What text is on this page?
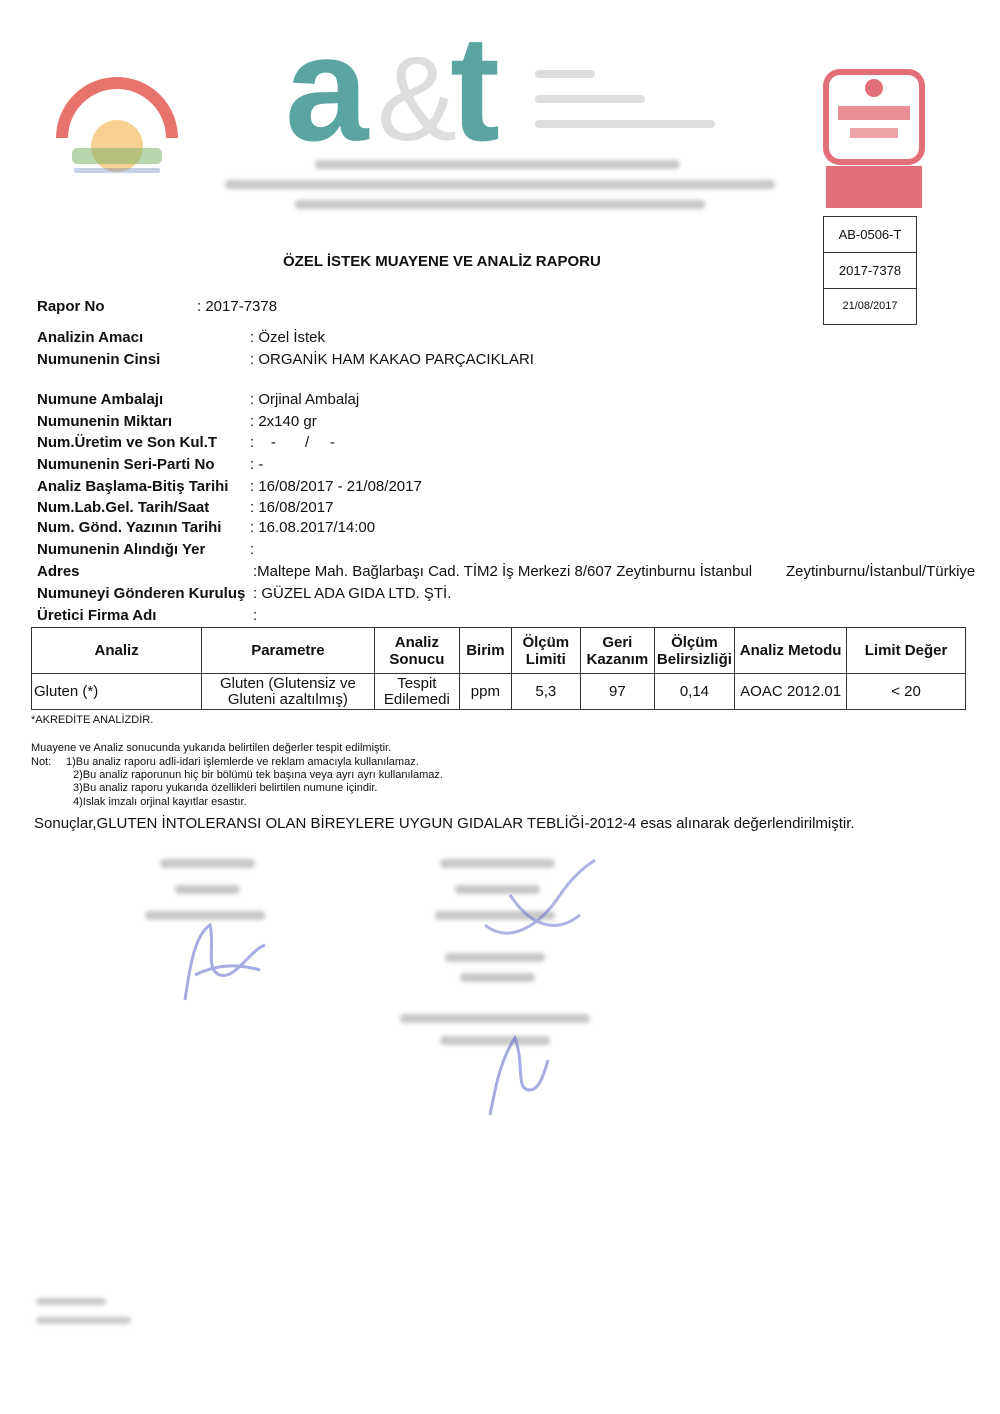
a &
t
AB-0506-T
2017-7378
21/08/2017
ÖZEL İSTEK MUAYENE VE ANALİZ RAPORU
Rapor No	: 2017-7378
Analizin Amacı	: Özel İstek
Numunenin Cinsi	: ORGANİK HAM KAKAO PARÇACIKLARI
Numune Ambalajı	: Orjinal Ambalaj
Numunenin Miktarı	: 2x140 gr
Num.Üretim ve Son Kul.T :    -       /     -
Numunenin Seri-Parti No : -
Analiz Başlama-Bitiş Tarihi : 16/08/2017 - 21/08/2017
Num.Lab.Gel. Tarih/Saat	: 16/08/2017
Num. Gönd. Yazının Tarihi : 16.08.2017/14:00
Numunenin Alındığı Yer	:
Adres	:Maltepe Mah. Bağlarbaşı Cad. TİM2 İş Merkezi 8/607 Zeytinburnu İstanbul Zeytinburnu/İstanbul/Türkiye
Numuneyi Gönderen Kuruluş : GÜZEL ADA GIDA LTD. ŞTİ.
Üretici Firma Adı	:
Analiz	Parametre	Analiz Sonucu	Birim	Ölçüm Limiti	Geri Kazanım	Ölçüm Belirsizliği	Analiz Metodu	Limit Değer
Gluten (*)	Gluten (Glutensiz ve Gluteni azaltılmış)	Tespit Edilemedi	ppm	5,3	97	0,14	AOAC 2012.01	< 20
*AKREDİTE ANALİZDİR.
Muayene ve Analiz sonucunda yukarıda belirtilen değerler tespit edilmiştir.
Not: 1)Bu analiz raporu adli-idari işlemlerde ve reklam amacıyla kullanılamaz.
2)Bu analiz raporunun hiç bir bölümü tek başına veya ayrı ayrı kullanılamaz.
3)Bu analiz raporu yukarıda özellikleri belirtilen numune içindir.
4)Islak imzalı orjinal kayıtlar esastır.
Sonuçlar,GLUTEN İNTOLERANSI OLAN BİREYLERE UYGUN GIDALAR TEBLİĞİ-2012-4 esas alınarak değerlendirilmiştir.
